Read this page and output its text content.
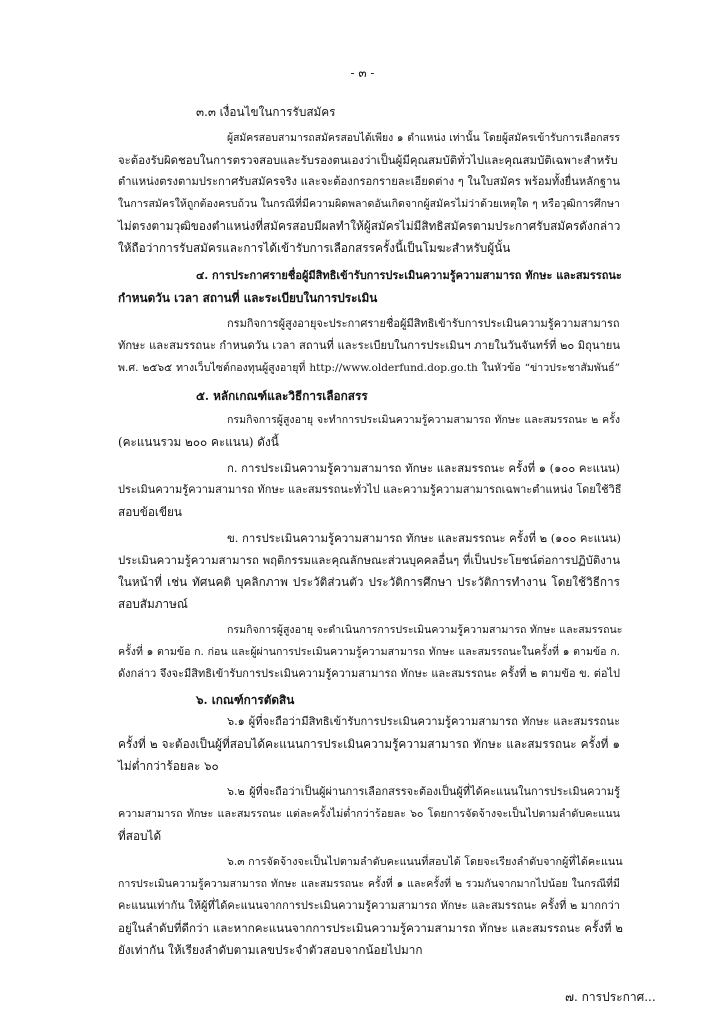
- ๓ -
๓.๓ เงื่อนไขในการรับสมัคร
ผู้สมัครสอบสามารถสมัครสอบได้เพียง ๑ ตำแหน่ง เท่านั้น โดยผู้สมัครเข้ารับการเลือกสรร
จะต้องรับผิดชอบในการตรวจสอบและรับรองตนเองว่าเป็นผู้มีคุณสมบัติทั่วไปและคุณสมบัติเฉพาะสำหรับ
ตำแหน่งตรงตามประกาศรับสมัครจริง และจะต้องกรอกรายละเอียดต่าง ๆ ในใบสมัคร พร้อมทั้งยื่นหลักฐาน
ในการสมัครให้ถูกต้องครบถ้วน ในกรณีที่มีความผิดพลาดอันเกิดจากผู้สมัครไม่ว่าด้วยเหตุใด ๆ หรือวุฒิการศึกษา
ไม่ตรงตามวุฒิของตำแหน่งที่สมัครสอบมีผลทำให้ผู้สมัครไม่มีสิทธิสมัครตามประกาศรับสมัครดังกล่าว
ให้ถือว่าการรับสมัครและการได้เข้ารับการเลือกสรรครั้งนี้เป็นโมฆะสำหรับผู้นั้น
๔. การประกาศรายชื่อผู้มีสิทธิเข้ารับการประเมินความรู้ความสามารถ ทักษะ และสมรรถนะ
กำหนดวัน เวลา สถานที่ และระเบียบในการประเมิน
กรมกิจการผู้สูงอายุจะประกาศรายชื่อผู้มีสิทธิเข้ารับการประเมินความรู้ความสามารถ
ทักษะ และสมรรถนะ กำหนดวัน เวลา สถานที่ และระเบียบในการประเมินฯ ภายในวันจันทร์ที่ ๒๐ มิถุนายน
พ.ศ. ๒๕๖๕ ทางเว็บไซต์กองทุนผู้สูงอายุที่ http://www.olderfund.dop.go.th ในหัวข้อ “ข่าวประชาสัมพันธ์”
๕. หลักเกณฑ์และวิธีการเลือกสรร
กรมกิจการผู้สูงอายุ จะทำการประเมินความรู้ความสามารถ ทักษะ และสมรรถนะ ๒ ครั้ง
(คะแนนรวม ๒๐๐ คะแนน) ดังนี้
ก. การประเมินความรู้ความสามารถ ทักษะ และสมรรถนะ ครั้งที่ ๑ (๑๐๐ คะแนน)
ประเมินความรู้ความสามารถ ทักษะ และสมรรถนะทั่วไป และความรู้ความสามารถเฉพาะตำแหน่ง โดยใช้วิธี
สอบข้อเขียน
ข. การประเมินความรู้ความสามารถ ทักษะ และสมรรถนะ ครั้งที่ ๒ (๑๐๐ คะแนน)
ประเมินความรู้ความสามารถ พฤติกรรมและคุณลักษณะส่วนบุคคลอื่นๆ ที่เป็นประโยชน์ต่อการปฏิบัติงาน
ในหน้าที่ เช่น ทัศนคติ บุคลิกภาพ ประวัติส่วนตัว ประวัติการศึกษา ประวัติการทำงาน โดยใช้วิธีการ
สอบสัมภาษณ์
กรมกิจการผู้สูงอายุ จะดำเนินการการประเมินความรู้ความสามารถ ทักษะ และสมรรถนะ
ครั้งที่ ๑ ตามข้อ ก. ก่อน และผู้ผ่านการประเมินความรู้ความสามารถ ทักษะ และสมรรถนะในครั้งที่ ๑ ตามข้อ ก.
ดังกล่าว จึงจะมีสิทธิเข้ารับการประเมินความรู้ความสามารถ ทักษะ และสมรรถนะ ครั้งที่ ๒ ตามข้อ ข. ต่อไป
๖. เกณฑ์การตัดสิน
๖.๑ ผู้ที่จะถือว่ามีสิทธิเข้ารับการประเมินความรู้ความสามารถ ทักษะ และสมรรถนะ
ครั้งที่ ๒ จะต้องเป็นผู้ที่สอบได้คะแนนการประเมินความรู้ความสามารถ ทักษะ และสมรรถนะ ครั้งที่ ๑
ไม่ต่ำกว่าร้อยละ ๖๐
๖.๒ ผู้ที่จะถือว่าเป็นผู้ผ่านการเลือกสรรจะต้องเป็นผู้ที่ได้คะแนนในการประเมินความรู้
ความสามารถ ทักษะ และสมรรถนะ แต่ละครั้งไม่ต่ำกว่าร้อยละ ๖๐ โดยการจัดจ้างจะเป็นไปตามลำดับคะแนน
ที่สอบได้
๖.๓ การจัดจ้างจะเป็นไปตามลำดับคะแนนที่สอบได้ โดยจะเรียงลำดับจากผู้ที่ได้คะแนน
การประเมินความรู้ความสามารถ ทักษะ และสมรรถนะ ครั้งที่ ๑ และครั้งที่ ๒ รวมกันจากมากไปน้อย ในกรณีที่มี
คะแนนเท่ากัน ให้ผู้ที่ได้คะแนนจากการประเมินความรู้ความสามารถ ทักษะ และสมรรถนะ ครั้งที่ ๒ มากกว่า
อยู่ในลำดับที่ดีกว่า และหากคะแนนจากการประเมินความรู้ความสามารถ ทักษะ และสมรรถนะ ครั้งที่ ๒
ยังเท่ากัน ให้เรียงลำดับตามเลขประจำตัวสอบจากน้อยไปมาก
๗. การประกาศ...
